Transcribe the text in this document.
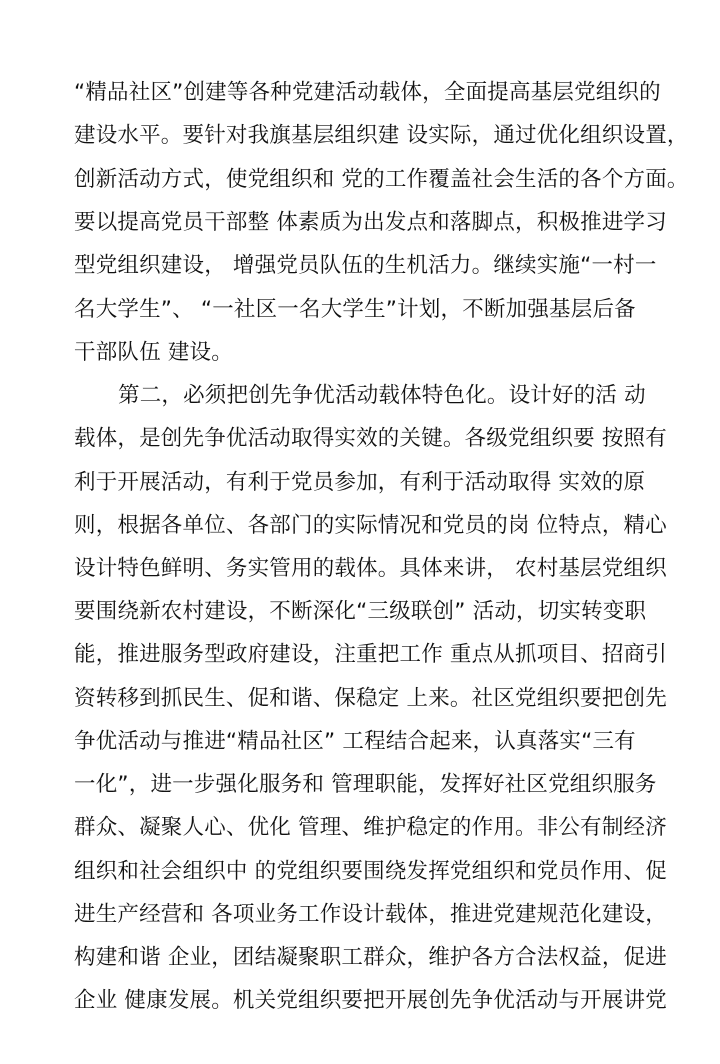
“精品社区”创建等各种党建活动载体，全面提高基层党组织的
建设水平。要针对我旗基层组织建 设实际，通过优化组织设置，
创新活动方式，使党组织和 党的工作覆盖社会生活的各个方面。
要以提高党员干部整 体素质为出发点和落脚点，积极推进学习
型党组织建设， 增强党员队伍的生机活力。继续实施“一村一
名大学生”、 “一社区一名大学生”计划，不断加强基层后备
干部队伍 建设。
第二，必须把创先争优活动载体特色化。设计好的活 动
载体，是创先争优活动取得实效的关键。各级党组织要 按照有
利于开展活动，有利于党员参加，有利于活动取得 实效的原
则，根据各单位、各部门的实际情况和党员的岗 位特点，精心
设计特色鲜明、务实管用的载体。具体来讲， 农村基层党组织
要围绕新农村建设，不断深化“三级联创” 活动，切实转变职
能，推进服务型政府建设，注重把工作 重点从抓项目、招商引
资转移到抓民生、促和谐、保稳定 上来。社区党组织要把创先
争优活动与推进“精品社区” 工程结合起来，认真落实“三有
一化”，进一步强化服务和 管理职能，发挥好社区党组织服务
群众、凝聚人心、优化 管理、维护稳定的作用。非公有制经济
组织和社会组织中 的党组织要围绕发挥党组织和党员作用、促
进生产经营和 各项业务工作设计载体，推进党建规范化建设，
构建和谐 企业，团结凝聚职工群众，维护各方合法权益，促进
企业 健康发展。机关党组织要把开展创先争优活动与开展讲党
